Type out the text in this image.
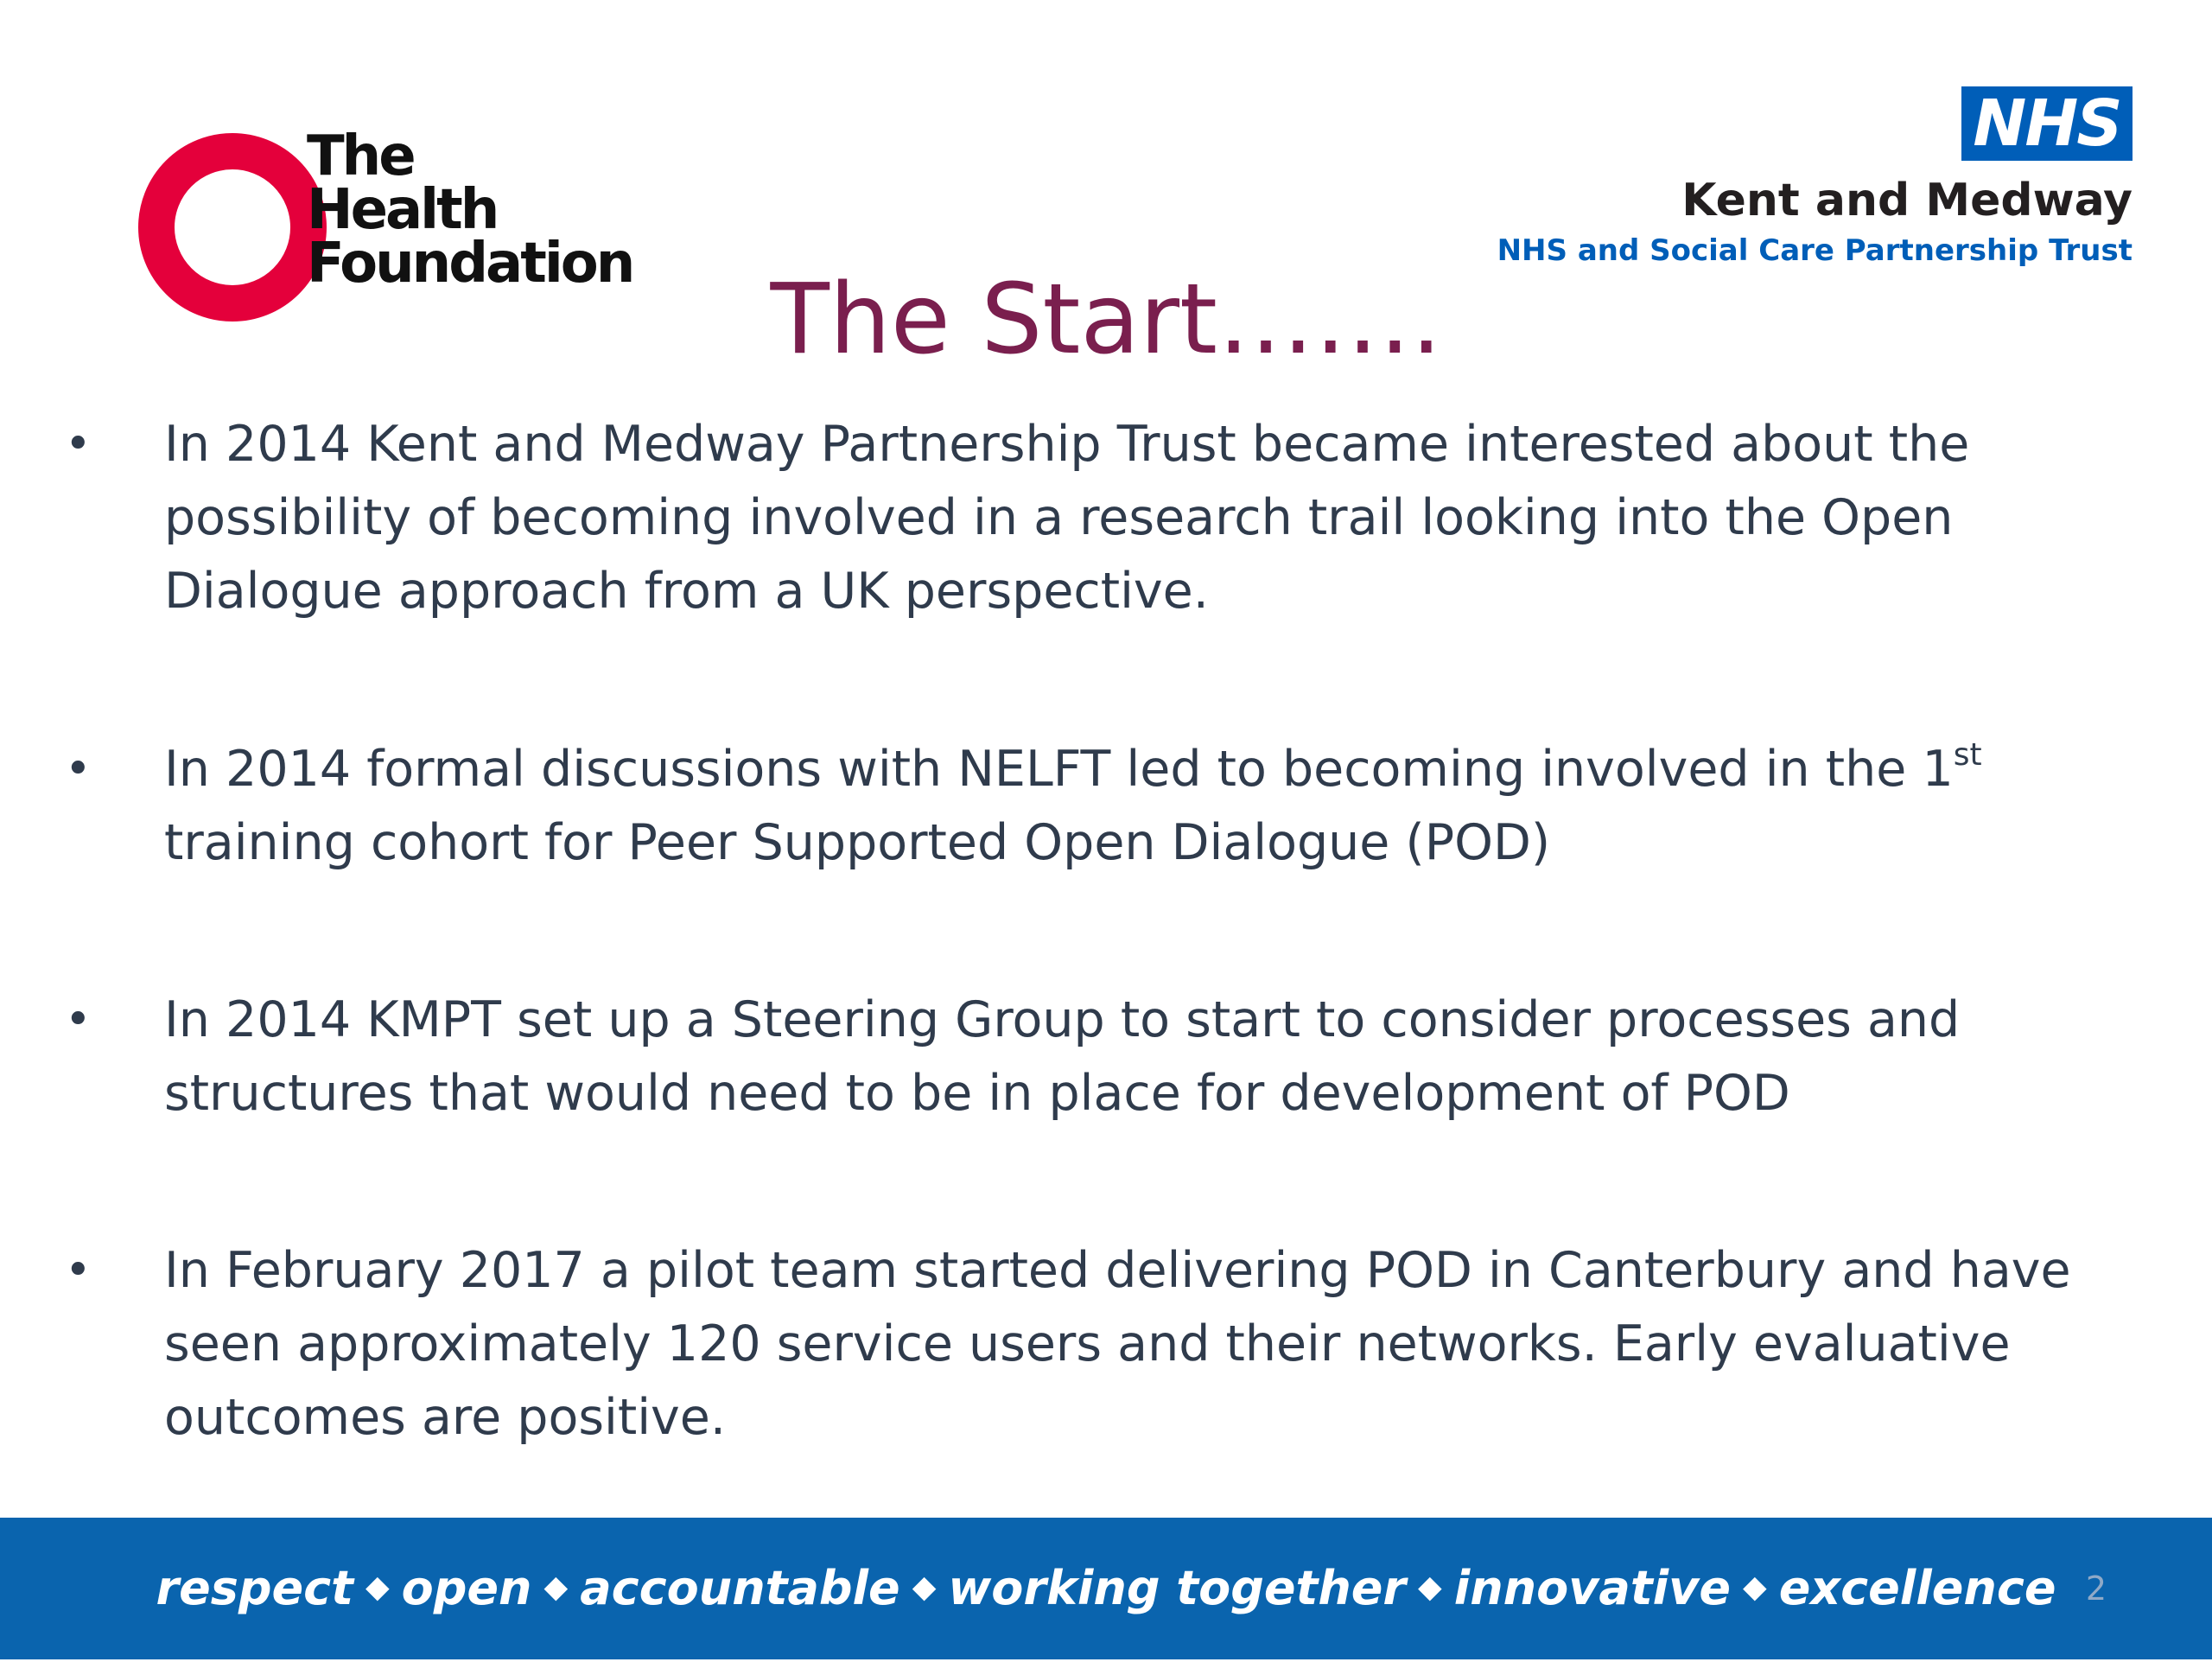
The
Health
Foundation
NHS
Kent and Medway
NHS and Social Care Partnership Trust
The Start…….
• In 2014 Kent and Medway Partnership Trust became interested about the possibility of becoming involved in a research trail looking into the Open Dialogue approach from a UK perspective.
• In 2014 formal discussions with NELFT led to becoming involved in the 1st training cohort for Peer Supported Open Dialogue (POD)
• In 2014 KMPT set up a Steering Group to start to consider processes and structures that would need to be in place for development of POD
• In February 2017 a pilot team started delivering POD in Canterbury and have seen approximately 120 service users and their networks. Early evaluative outcomes are positive.
respect ◆ open ◆ accountable ◆ working together ◆ innovative ◆ excellence 2
